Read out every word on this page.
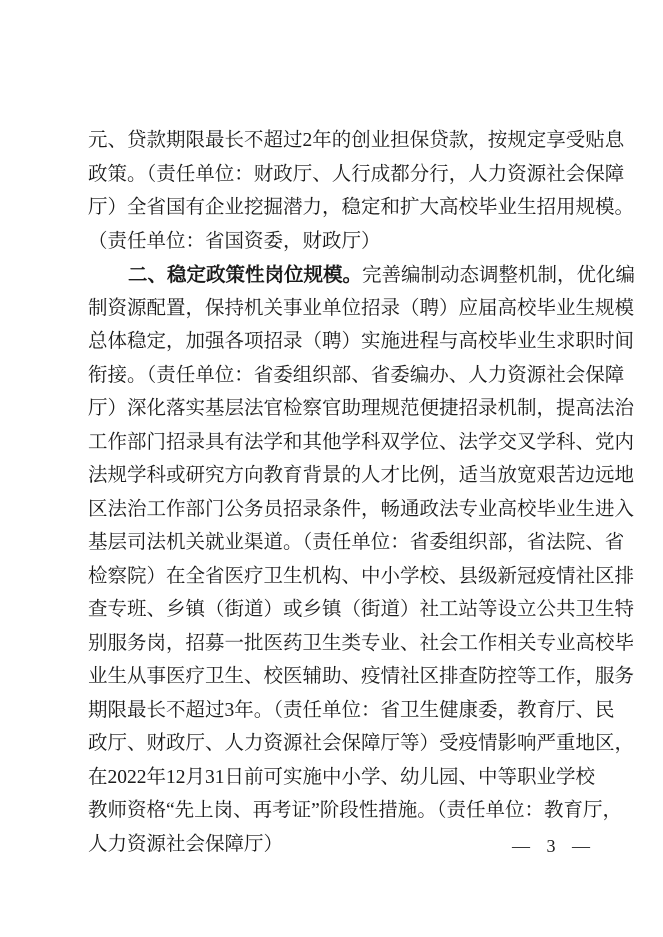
元、贷款期限最长不超过2年的创业担保贷款，按规定享受贴息
政策。（责任单位：财政厅、人行成都分行，人力资源社会保障
厅）全省国有企业挖掘潜力，稳定和扩大高校毕业生招用规模。
（责任单位：省国资委，财政厅）
二、稳定政策性岗位规模。完善编制动态调整机制，优化编
制资源配置，保持机关事业单位招录（聘）应届高校毕业生规模
总体稳定，加强各项招录（聘）实施进程与高校毕业生求职时间
衔接。（责任单位：省委组织部、省委编办、人力资源社会保障
厅）深化落实基层法官检察官助理规范便捷招录机制，提高法治
工作部门招录具有法学和其他学科双学位、法学交叉学科、党内
法规学科或研究方向教育背景的人才比例，适当放宽艰苦边远地
区法治工作部门公务员招录条件，畅通政法专业高校毕业生进入
基层司法机关就业渠道。（责任单位：省委组织部，省法院、省
检察院）在全省医疗卫生机构、中小学校、县级新冠疫情社区排
查专班、乡镇（街道）或乡镇（街道）社工站等设立公共卫生特
别服务岗，招募一批医药卫生类专业、社会工作相关专业高校毕
业生从事医疗卫生、校医辅助、疫情社区排查防控等工作，服务
期限最长不超过3年。（责任单位：省卫生健康委，教育厅、民
政厅、财政厅、人力资源社会保障厅等）受疫情影响严重地区，
在2022年12月31日前可实施中小学、幼儿园、中等职业学校
教师资格“先上岗、再考证”阶段性措施。（责任单位：教育厅，
人力资源社会保障厅）	— 3 —
